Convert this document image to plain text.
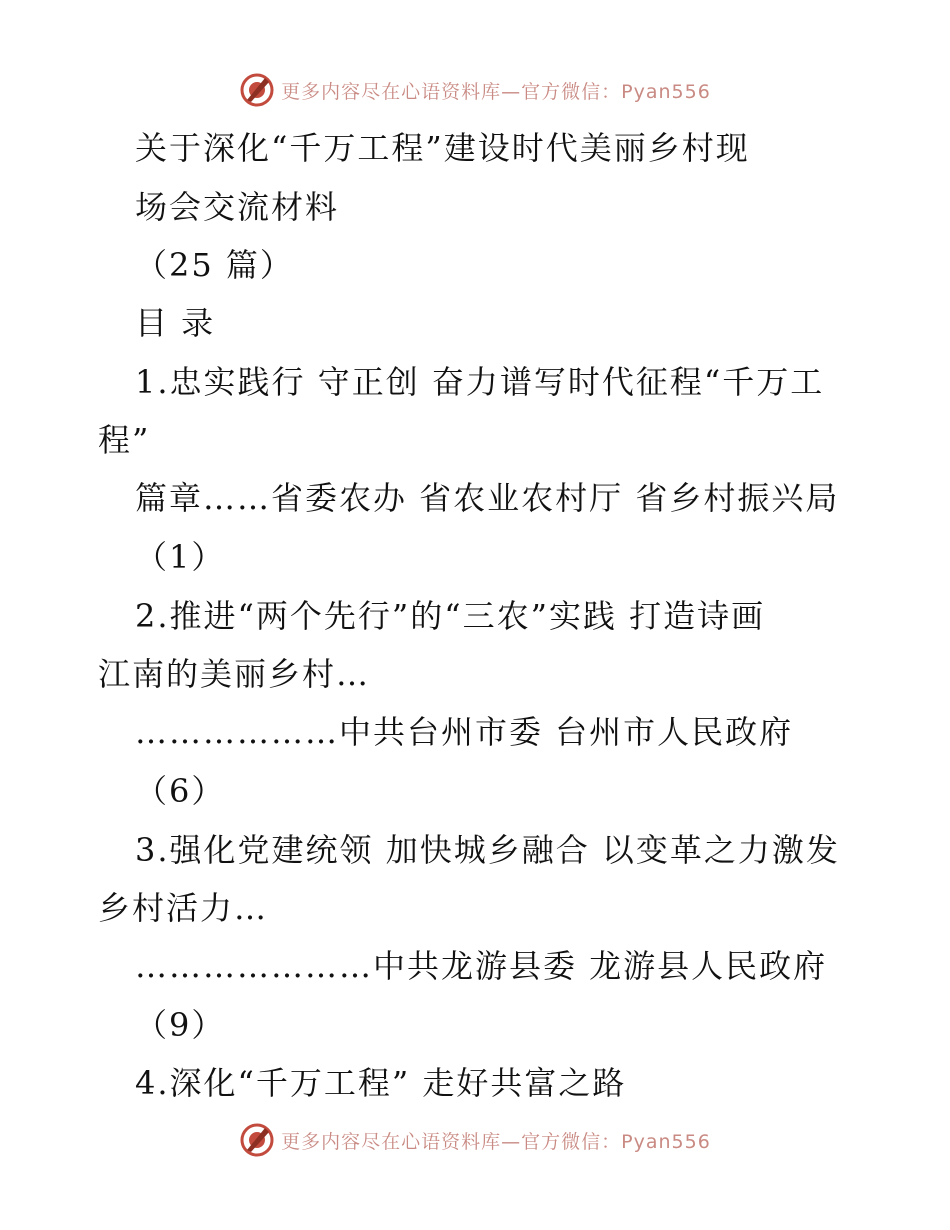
更多内容尽在心语资料库—官方微信：Pyan556
关于深化“千万工程”建设时代美丽乡村现
场会交流材料
（25 篇）
目 录
1.忠实践行 守正创 奋力谱写时代征程“千万工
程”
篇章……省委农办 省农业农村厅 省乡村振兴局
（1）
2.推进“两个先行”的“三农”实践 打造诗画
江南的美丽乡村…
………………中共台州市委 台州市人民政府
（6）
3.强化党建统领 加快城乡融合 以变革之力激发
乡村活力…
…………………中共龙游县委 龙游县人民政府
（9）
4.深化“千万工程” 走好共富之路
更多内容尽在心语资料库—官方微信：Pyan556
